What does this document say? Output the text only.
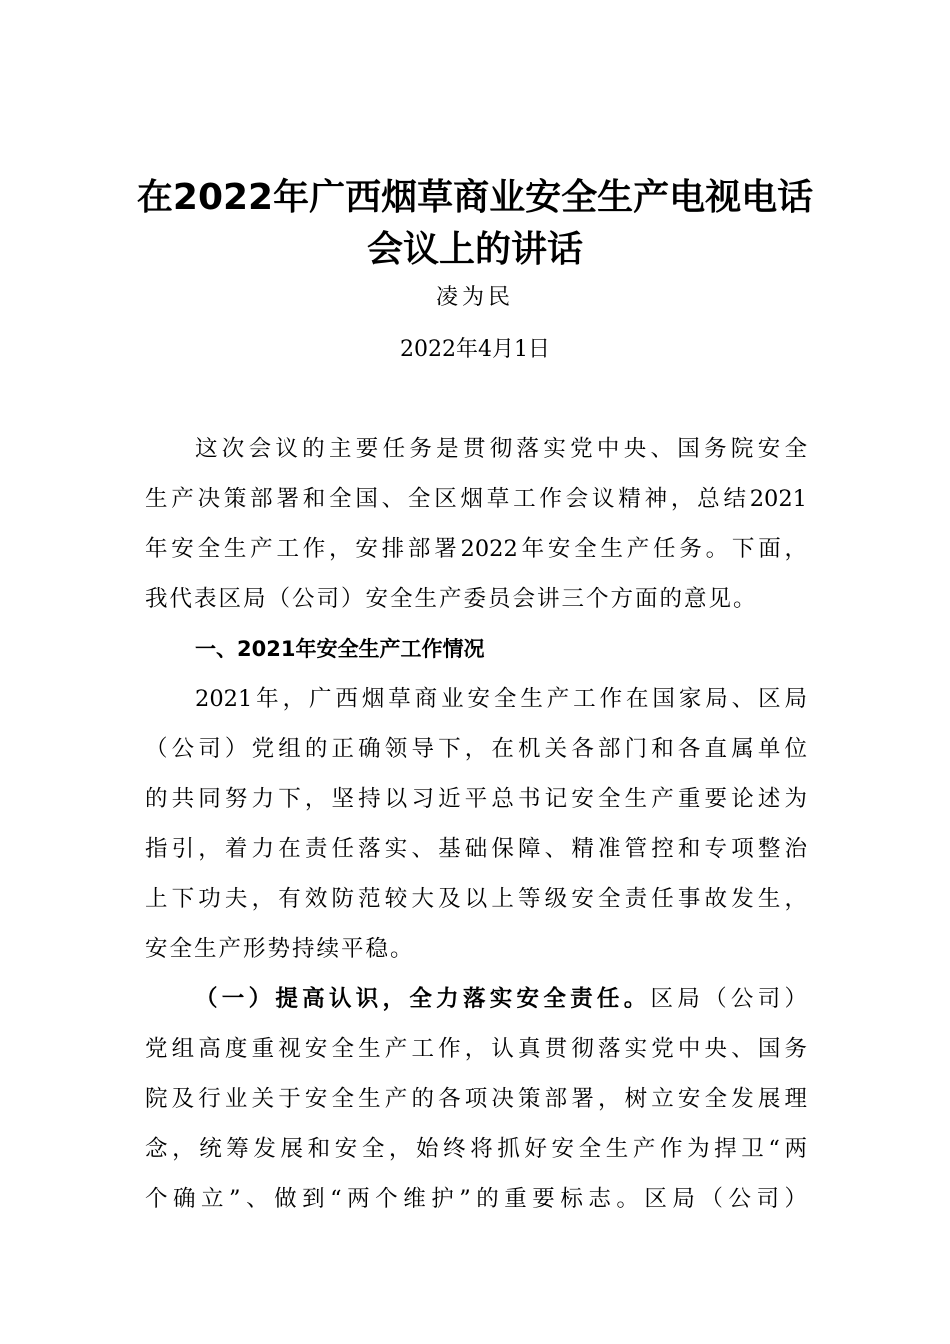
在2022年广西烟草商业安全生产电视电话
会议上的讲话
凌为民
2022年4月1日
这次会议的主要任务是贯彻落实党中央、国务院安全
生产决策部署和全国、全区烟草工作会议精神，总结2021
年安全生产工作，安排部署2022年安全生产任务。下面，
我代表区局（公司）安全生产委员会讲三个方面的意见。
一、2021年安全生产工作情况
2021年，广西烟草商业安全生产工作在国家局、区局
（公司）党组的正确领导下，在机关各部门和各直属单位
的共同努力下，坚持以习近平总书记安全生产重要论述为
指引，着力在责任落实、基础保障、精准管控和专项整治
上下功夫，有效防范较大及以上等级安全责任事故发生，
安全生产形势持续平稳。
（一）提高认识，全力落实安全责任。区局（公司）
党组高度重视安全生产工作，认真贯彻落实党中央、国务
院及行业关于安全生产的各项决策部署，树立安全发展理
念，统筹发展和安全，始终将抓好安全生产作为捍卫“两
个确立”、做到“两个维护”的重要标志。区局（公司）
